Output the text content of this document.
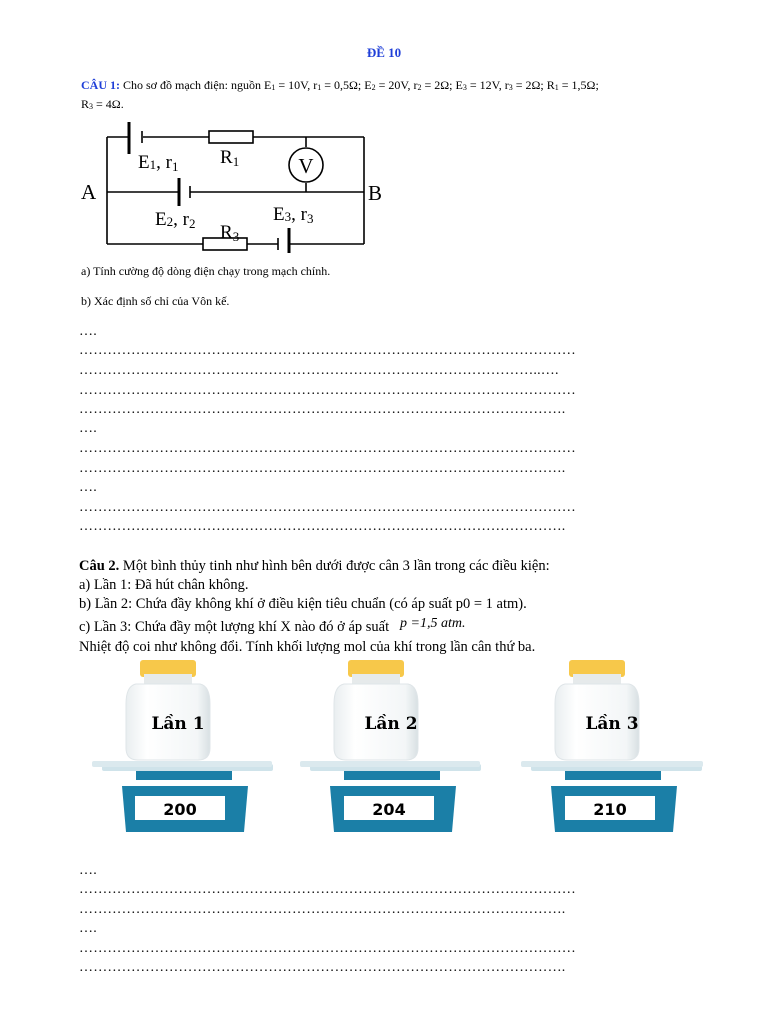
ĐỀ 10
CÂU 1: Cho sơ đồ mạch điện: nguồn $E_1 = 10V$, $r_1 = 0,5\Omega$; $E_2 = 20V$, $r_2 = 2\Omega$; $E_3 = 12V$, $r_3 = 2\Omega$; $R_1 = 1,5\Omega$;
$R_3 = 4\Omega$.
V
A	B
E1, r1 R1
E2, r2	E3, r3
R3
a) Tính cường độ dòng điện chạy trong mạch chính.
b) Xác định số chỉ của Vôn kế.
….
……………………………………………………………………………………………
……………………………………………………………………………………..….
……………………………………………………………………………………………
………………………………………………………………………………………….
….
……………………………………………………………………………………………
………………………………………………………………………………………….
….
……………………………………………………………………………………………
………………………………………………………………………………………….
Câu 2. Một bình thủy tinh như hình bên dưới được cân 3 lần trong các điều kiện:
a) Lần 1: Đã hút chân không.
b) Lần 2: Chứa đầy không khí ở điều kiện tiêu chuẩn (có áp suất p0 = 1 atm).
c) Lần 3: Chứa đầy một lượng khí X nào đó ở áp suất p =1,5 atm.
Nhiệt độ coi như không đổi. Tính khối lượng mol của khí trong lần cân thứ ba.
200
Lần 1
204
Lần 2
210
Lần 3
….
……………………………………………………………………………………………
………………………………………………………………………………………….
….
……………………………………………………………………………………………
………………………………………………………………………………………….
